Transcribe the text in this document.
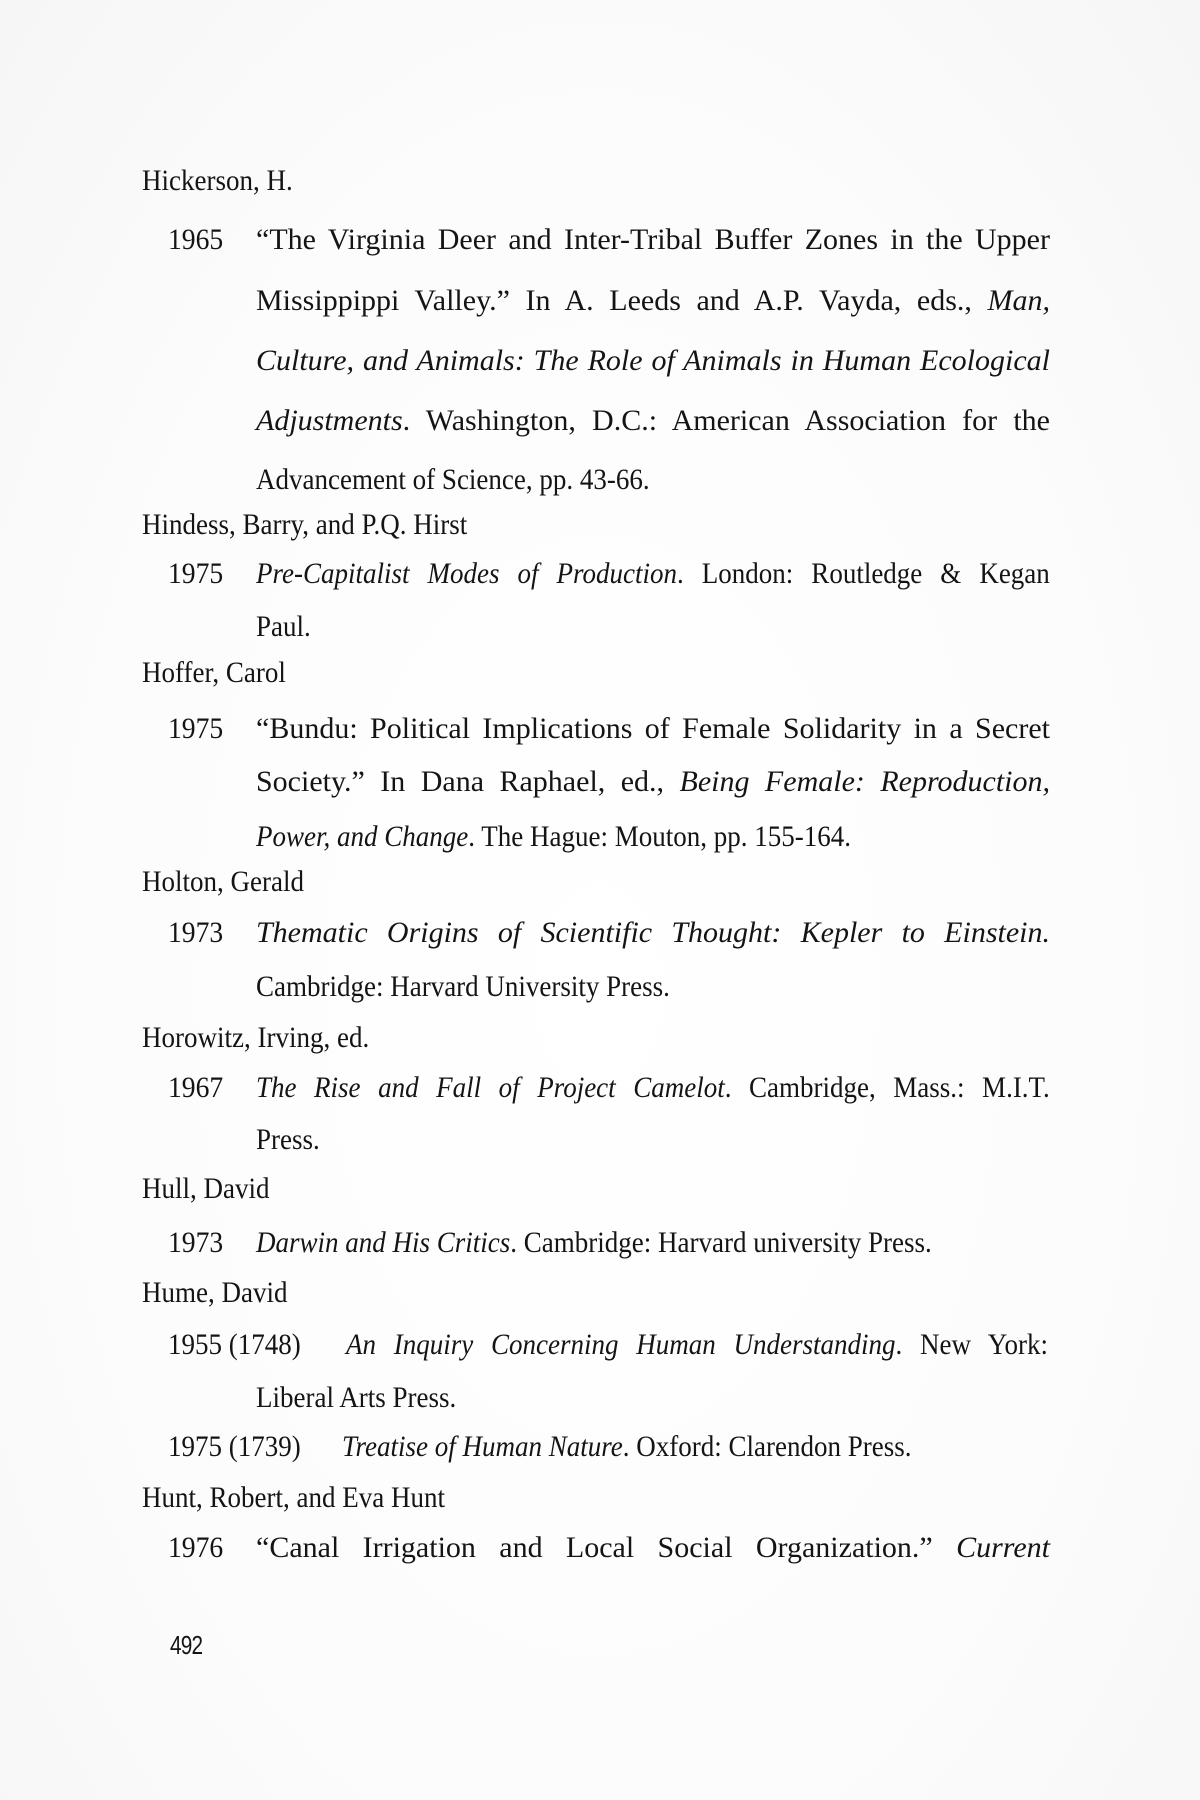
Hickerson, H.
1965 “The Virginia Deer and Inter-Tribal Buffer Zones in the Upper
Missippippi Valley.” In A. Leeds and A.P. Vayda, eds., Man,
Culture, and Animals: The Role of Animals in Human Ecological
Adjustments. Washington, D.C.: American Association for the
Advancement of Science, pp. 43-66.
Hindess, Barry, and P.Q. Hirst
1975 Pre-Capitalist Modes of Production. London: Routledge & Kegan
Paul.
Hoffer, Carol
1975 “Bundu: Political Implications of Female Solidarity in a Secret
Society.” In Dana Raphael, ed., Being Female: Reproduction,
Power, and Change. The Hague: Mouton, pp. 155-164.
Holton, Gerald
1973 Thematic Origins of Scientific Thought: Kepler to Einstein.
Cambridge: Harvard University Press.
Horowitz, Irving, ed.
1967 The Rise and Fall of Project Camelot. Cambridge, Mass.: M.I.T.
Press.
Hull, David
1973 Darwin and His Critics. Cambridge: Harvard university Press.
Hume, David
1955 (1748) An Inquiry Concerning Human Understanding. New York:
Liberal Arts Press.
1975 (1739) Treatise of Human Nature. Oxford: Clarendon Press.
Hunt, Robert, and Eva Hunt
1976 “Canal Irrigation and Local Social Organization.” Current
492
